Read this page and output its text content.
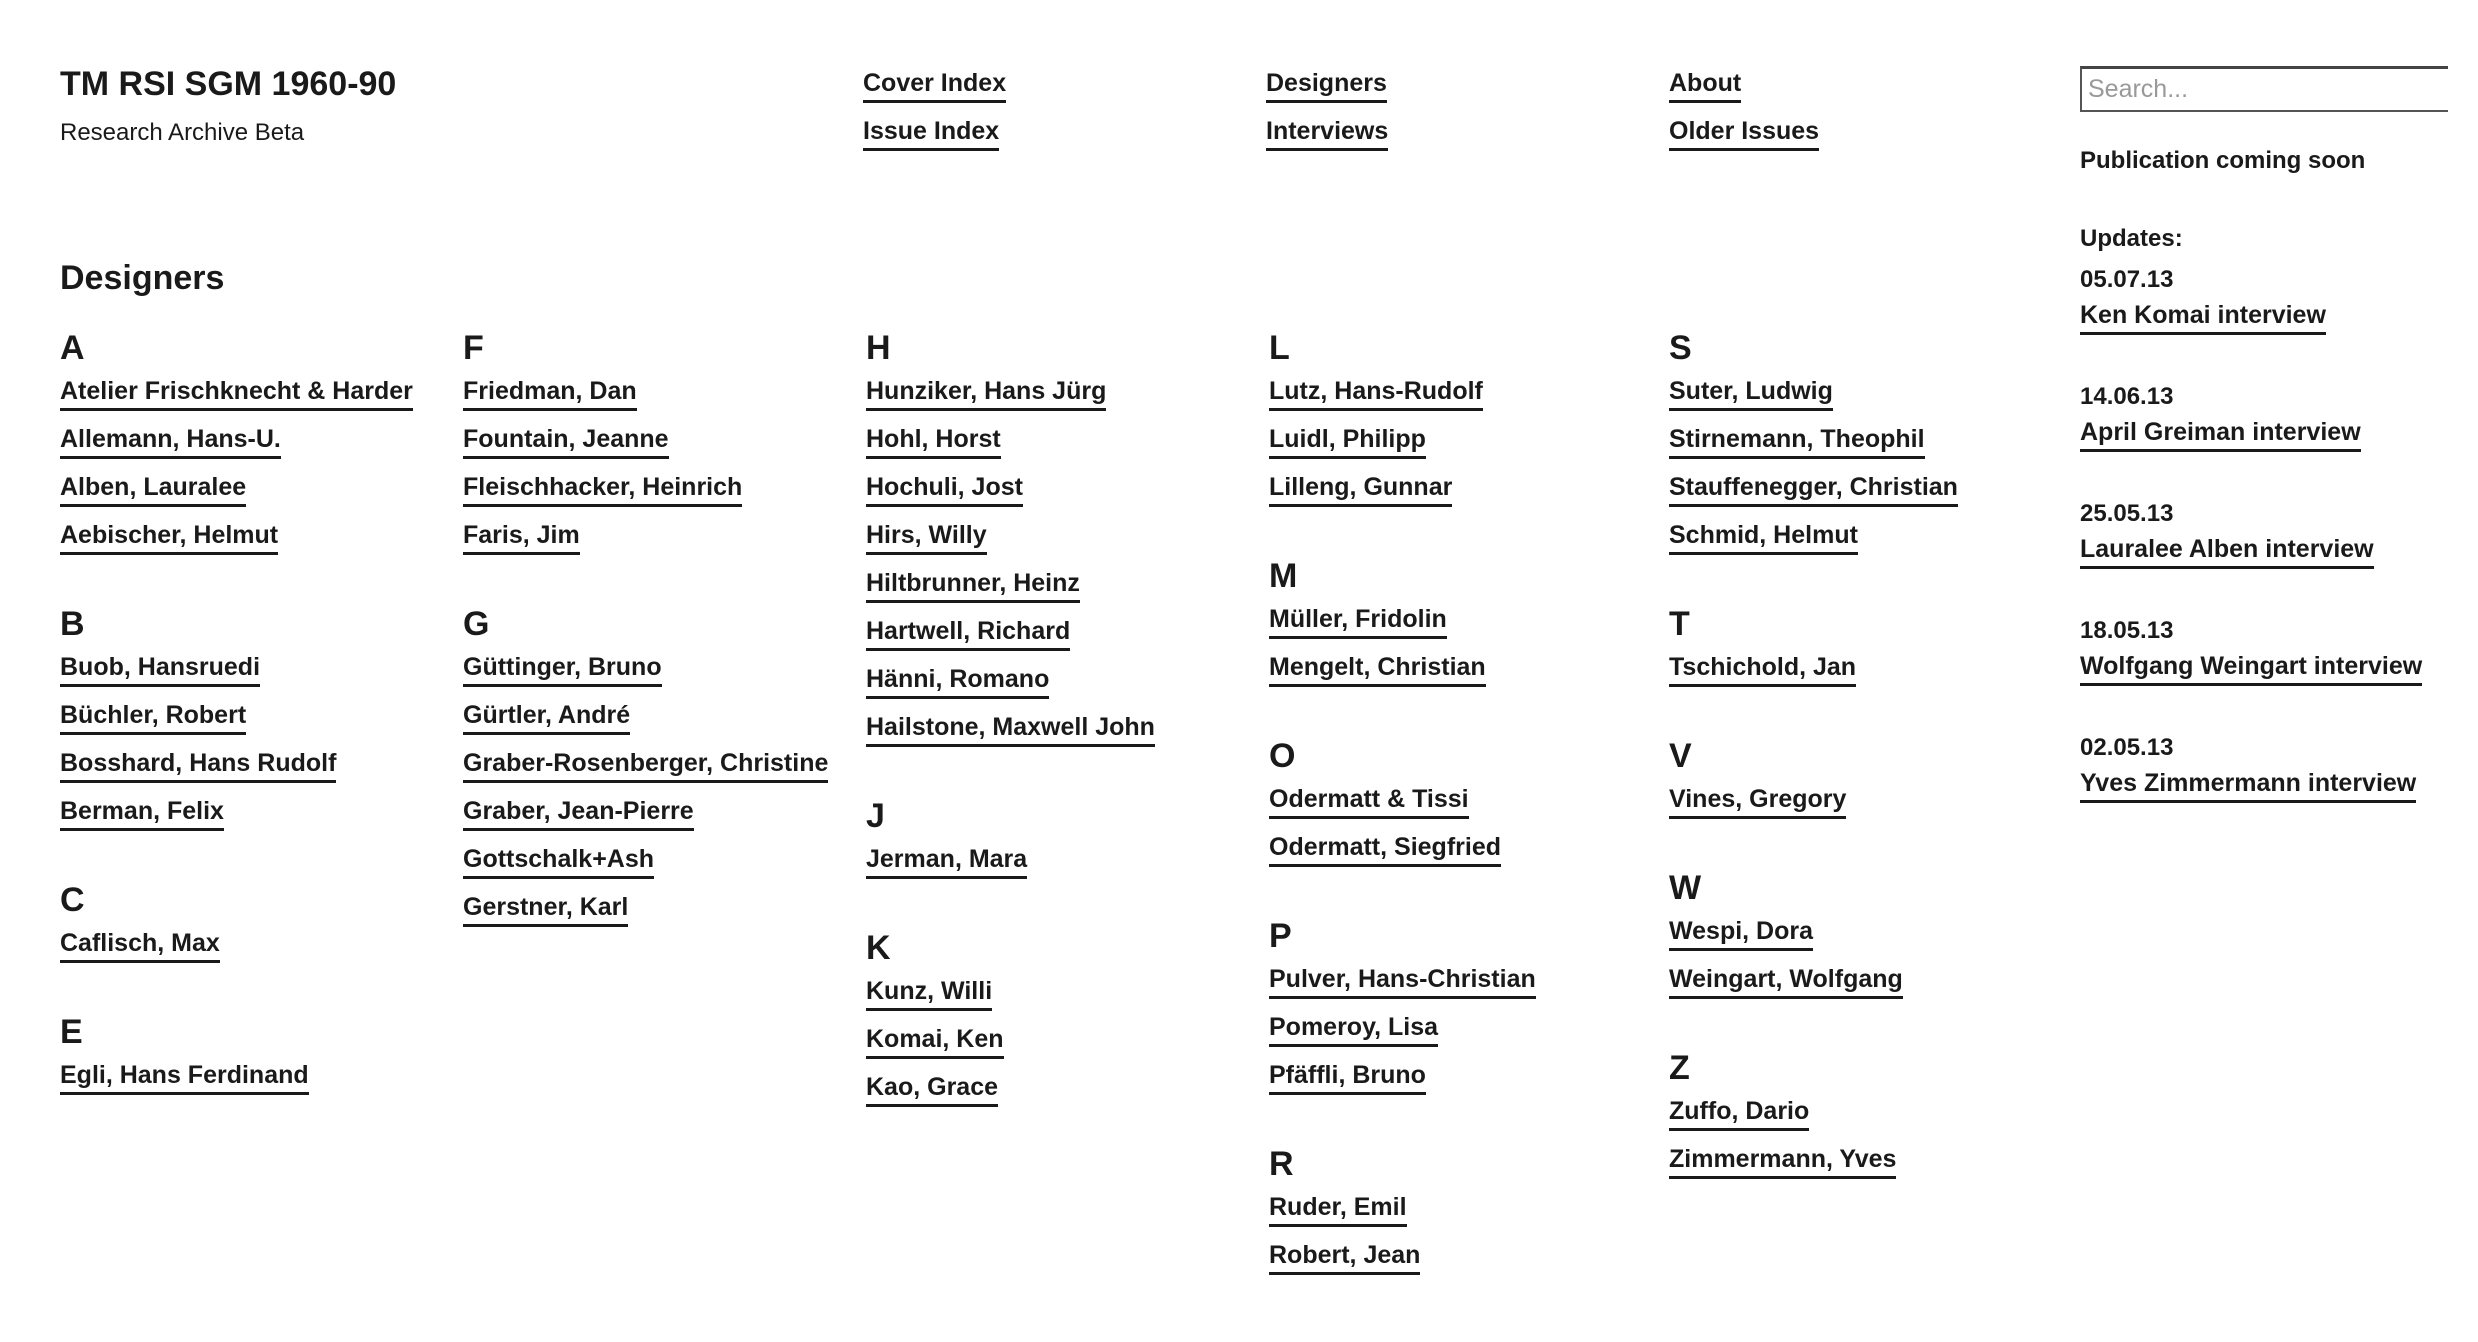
TM RSI SGM 1960-90
Research Archive Beta
Cover Index
Issue Index
Designers
Interviews
About
Older Issues
Search...
Publication coming soon
Updates:
05.07.13
Ken Komai interview
14.06.13
April Greiman interview
25.05.13
Lauralee Alben interview
18.05.13
Wolfgang Weingart interview
02.05.13
Yves Zimmermann interview
Designers
A
Atelier Frischknecht & Harder
Allemann, Hans-U.
Alben, Lauralee
Aebischer, Helmut
B
Buob, Hansruedi
Büchler, Robert
Bosshard, Hans Rudolf
Berman, Felix
C
Caflisch, Max
E
Egli, Hans Ferdinand
F
Friedman, Dan
Fountain, Jeanne
Fleischhacker, Heinrich
Faris, Jim
G
Güttinger, Bruno
Gürtler, André
Graber-Rosenberger, Christine
Graber, Jean-Pierre
Gottschalk+Ash
Gerstner, Karl
H
Hunziker, Hans Jürg
Hohl, Horst
Hochuli, Jost
Hirs, Willy
Hiltbrunner, Heinz
Hartwell, Richard
Hänni, Romano
Hailstone, Maxwell John
J
Jerman, Mara
K
Kunz, Willi
Komai, Ken
Kao, Grace
L
Lutz, Hans-Rudolf
Luidl, Philipp
Lilleng, Gunnar
M
Müller, Fridolin
Mengelt, Christian
O
Odermatt & Tissi
Odermatt, Siegfried
P
Pulver, Hans-Christian
Pomeroy, Lisa
Pfäffli, Bruno
R
Ruder, Emil
Robert, Jean
S
Suter, Ludwig
Stirnemann, Theophil
Stauffenegger, Christian
Schmid, Helmut
T
Tschichold, Jan
V
Vines, Gregory
W
Wespi, Dora
Weingart, Wolfgang
Z
Zuffo, Dario
Zimmermann, Yves
